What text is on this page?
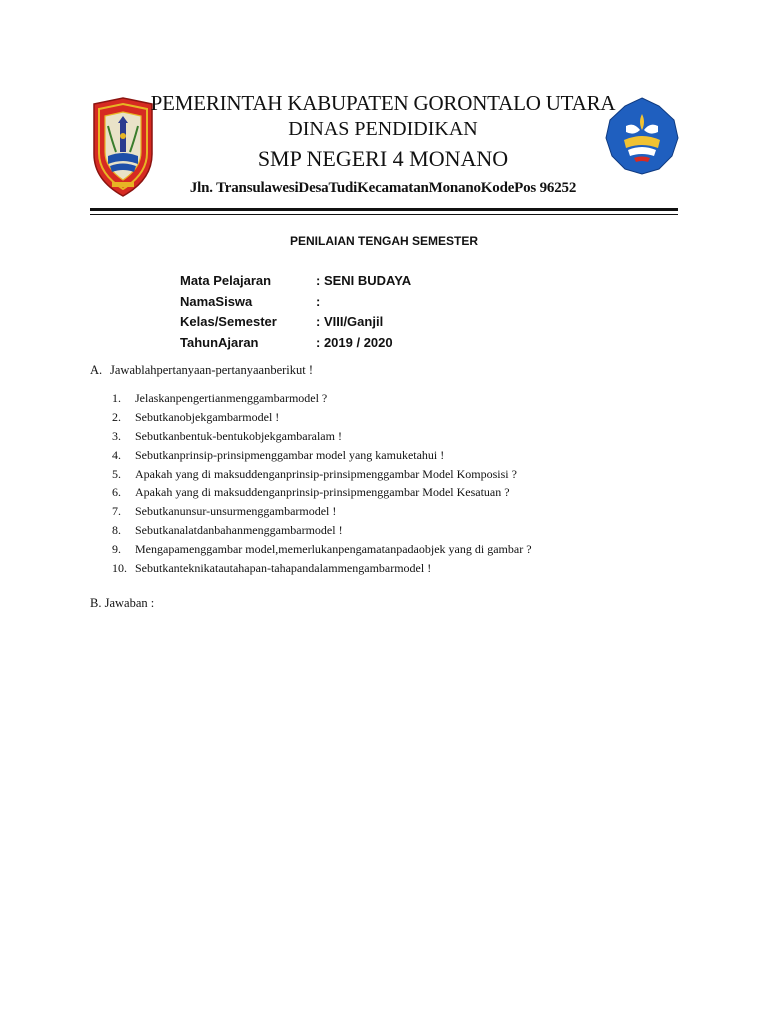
PEMERINTAH KABUPATEN GORONTALO UTARA
DINAS PENDIDIKAN
SMP NEGERI 4 MONANO
Jln. TransulawesiDesaTudiKecamatanMonanoKodePos 96252
PENILAIAN TENGAH SEMESTER
Mata Pelajaran	: SENI BUDAYA
NamaSiswa	:
Kelas/Semester	: VIII/Ganjil
TahunAjaran	: 2019 / 2020
A. Jawablahpertanyaan-pertanyaanberikut !
1. Jelaskanpengertianmenggambarmodel ?
2. Sebutkanobjekgambarmodel !
3. Sebutkanbentuk-bentukobjekgambaralam !
4. Sebutkanprinsip-prinsipmenggambar model yang kamuketahui !
5. Apakah yang di maksuddenganprinsip-prinsipmenggambar Model Komposisi ?
6. Apakah yang di maksuddenganprinsip-prinsipmenggambar Model Kesatuan ?
7. Sebutkanunsur-unsurmenggambarmodel !
8. Sebutkanalatdanbahanmenggambarmodel !
9. Mengapamenggambar model,memerlukanpengamatanpadaobjek yang di gambar ?
10. Sebutkanteknikatautahapan-tahapandalammengambarmodel !
B. Jawaban :
